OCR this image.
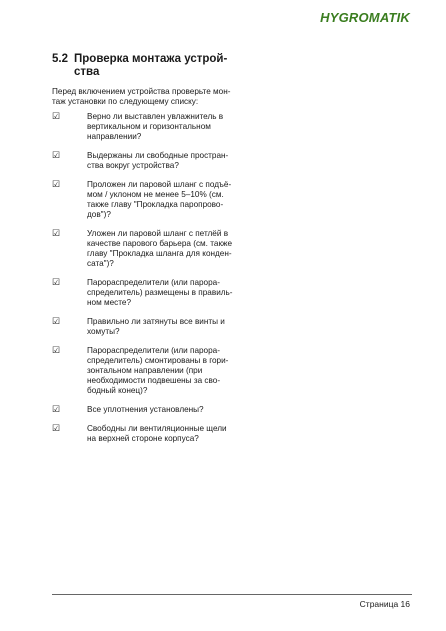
HYGROMATIK
5.2 Проверка монтажа устрой-
ства
Перед включением устройства проверьте мон-
таж установки по следующему списку:
☑	Верно ли выставлен увлажнитель в
вертикальном и горизонтальном
направлении?
☑	Выдержаны ли свободные простран-
ства вокруг устройства?
☑	Проложен ли паровой шланг с подъё-
мом / уклоном не менее 5–10% (см.
также главу "Прокладка паропрово-
дов")?
☑	Уложен ли паровой шланг с петлёй в
качестве парового барьера (см. также
главу "Прокладка шланга для конден-
сата")?
☑	Парораспределители (или парора-
спределитель) размещены в правиль-
ном месте?
☑	Правильно ли затянуты все винты и
хомуты?
☑	Парораспределители (или парора-
спределитель) смонтированы в гори-
зонтальном направлении (при
необходимости подвешены за сво-
бодный конец)?
☑	Все уплотнения установлены?
☑	Свободны ли вентиляционные щели
на верхней стороне корпуса?
Страница 16
